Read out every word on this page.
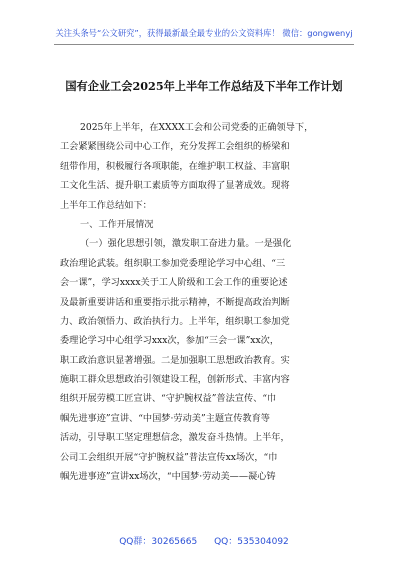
关注头条号“公文研究”，获得最新最全最专业的公文资料库！ 微信：gongwenyj
国有企业工会2025年上半年工作总结及下半年工作计划
2025年上半年，在XXXX工会和公司党委的正确领导下，
工会紧紧围绕公司中心工作，充分发挥工会组织的桥梁和
纽带作用，积极履行各项职能，在维护职工权益、丰富职
工文化生活、提升职工素质等方面取得了显著成效。现将
上半年工作总结如下：
一、工作开展情况
（一）强化思想引领，激发职工奋进力量。一是强化
政治理论武装。组织职工参加党委理论学习中心组、“三
会一课”，学习xxxx关于工人阶级和工会工作的重要论述
及最新重要讲话和重要指示批示精神，不断提高政治判断
力、政治领悟力、政治执行力。上半年，组织职工参加党
委理论学习中心组学习xxx次，参加“三会一课”xx次，
职工政治意识显著增强。二是加强职工思想政治教育。实
施职工群众思想政治引领建设工程，创新形式、丰富内容
组织开展劳模工匠宣讲、“守护腕权益”普法宣传、“巾
帼先进事迹”宣讲、“中国梦·劳动美”主题宣传教育等
活动，引导职工坚定理想信念，激发奋斗热情。上半年，
公司工会组织开展“守护腕权益”普法宣传xx场次，“巾
帼先进事迹”宣讲xx场次，“中国梦·劳动美——凝心铸
QQ群：30265665 QQ：535304092
